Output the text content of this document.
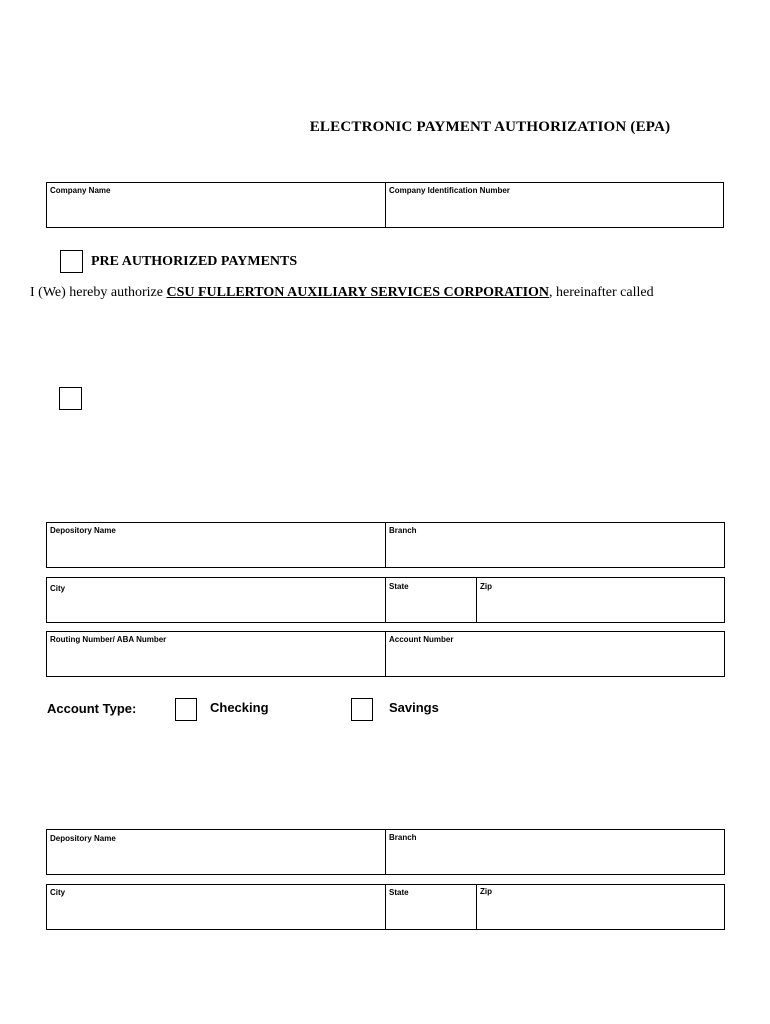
ELECTRONIC PAYMENT AUTHORIZATION (EPA)
Company Name	Company Identification Number
PRE AUTHORIZED PAYMENTS
I (We) hereby authorize CSU FULLERTON AUXILIARY SERVICES CORPORATION, hereinafter called
Depository Name	Branch
City	State	Zip
Routing Number/ ABA Number	Account Number
Account Type:	Checking	Savings
Depository Name	Branch
City	State	Zip
